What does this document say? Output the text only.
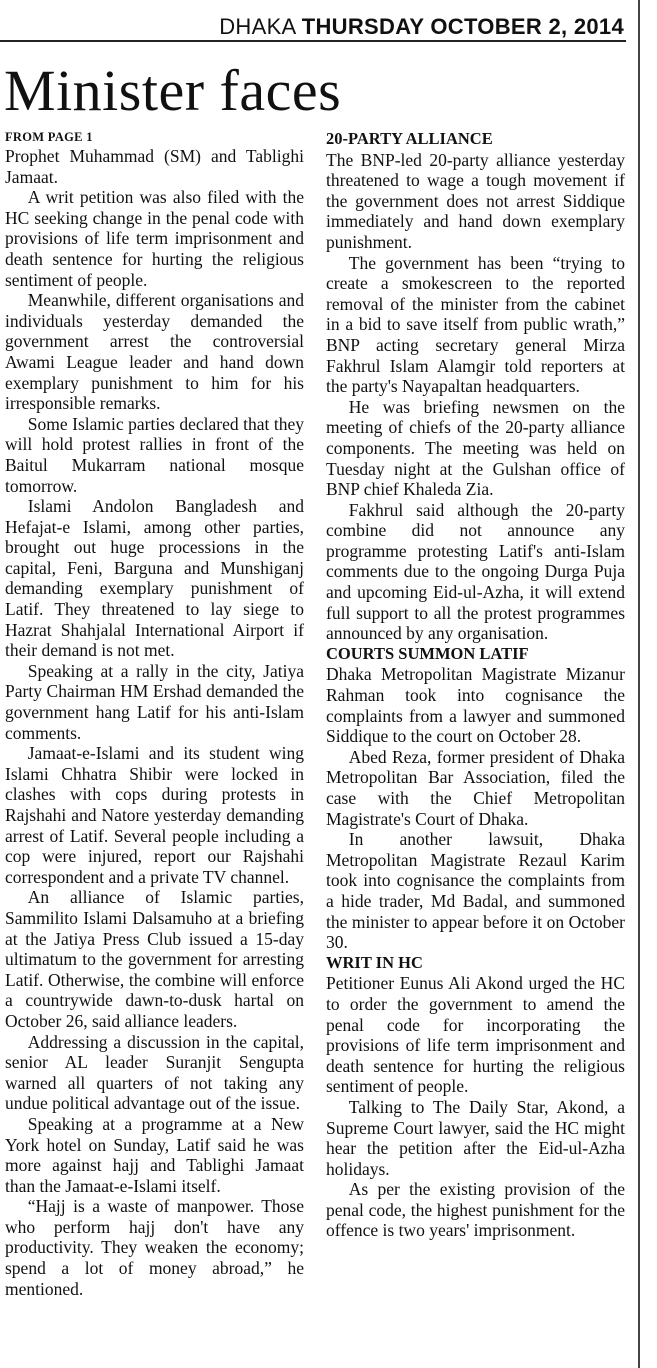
DHAKA THURSDAY OCTOBER 2, 2014
Minister faces
FROM PAGE 1

Prophet Muhammad (SM) and Tablighi Jamaat.

A writ petition was also filed with the HC seeking change in the penal code with provisions of life term imprisonment and death sentence for hurting the religious sentiment of people.

Meanwhile, different organisations and individuals yesterday demanded the government arrest the controversial Awami League leader and hand down exemplary punishment to him for his irresponsible remarks.

Some Islamic parties declared that they will hold protest rallies in front of the Baitul Mukarram national mosque tomorrow.

Islami Andolon Bangladesh and Hefajat-e Islami, among other parties, brought out huge processions in the capital, Feni, Barguna and Munshiganj demanding exemplary punishment of Latif. They threatened to lay siege to Hazrat Shahjalal International Airport if their demand is not met.

Speaking at a rally in the city, Jatiya Party Chairman HM Ershad demanded the government hang Latif for his anti-Islam comments.

Jamaat-e-Islami and its student wing Islami Chhatra Shibir were locked in clashes with cops during protests in Rajshahi and Natore yesterday demanding arrest of Latif. Several people including a cop were injured, report our Rajshahi correspondent and a private TV channel.

An alliance of Islamic parties, Sammilito Islami Dalsamuho at a briefing at the Jatiya Press Club issued a 15-day ultimatum to the government for arresting Latif. Otherwise, the combine will enforce a countrywide dawn-to-dusk hartal on October 26, said alliance leaders.

Addressing a discussion in the capital, senior AL leader Suranjit Sengupta warned all quarters of not taking any undue political advantage out of the issue.

Speaking at a programme at a New York hotel on Sunday, Latif said he was more against hajj and Tablighi Jamaat than the Jamaat-e-Islami itself.

“Hajj is a waste of manpower. Those who perform hajj don't have any productivity. They weaken the economy; spend a lot of money abroad,” he mentioned.

20-PARTY ALLIANCE

The BNP-led 20-party alliance yesterday threatened to wage a tough movement if the government does not arrest Siddique immediately and hand down exemplary punishment.

The government has been “trying to create a smokescreen to the reported removal of the minister from the cabinet in a bid to save itself from public wrath,” BNP acting secretary general Mirza Fakhrul Islam Alamgir told reporters at the party's Nayapaltan headquarters.

He was briefing newsmen on the meeting of chiefs of the 20-party alliance components. The meeting was held on Tuesday night at the Gulshan office of BNP chief Khaleda Zia.

Fakhrul said although the 20-party combine did not announce any programme protesting Latif's anti-Islam comments due to the ongoing Durga Puja and upcoming Eid-ul-Azha, it will extend full support to all the protest programmes announced by any organisation.

COURTS SUMMON LATIF

Dhaka Metropolitan Magistrate Mizanur Rahman took into cognisance the complaints from a lawyer and summoned Siddique to the court on October 28.

Abed Reza, former president of Dhaka Metropolitan Bar Association, filed the case with the Chief Metropolitan Magistrate's Court of Dhaka.

In another lawsuit, Dhaka Metropolitan Magistrate Rezaul Karim took into cognisance the complaints from a hide trader, Md Badal, and summoned the minister to appear before it on October 30.

WRIT IN HC

Petitioner Eunus Ali Akond urged the HC to order the government to amend the penal code for incorporating the provisions of life term imprisonment and death sentence for hurting the religious sentiment of people.

Talking to The Daily Star, Akond, a Supreme Court lawyer, said the HC might hear the petition after the Eid-ul-Azha holidays.

As per the existing provision of the penal code, the highest punishment for the offence is two years' imprisonment.
